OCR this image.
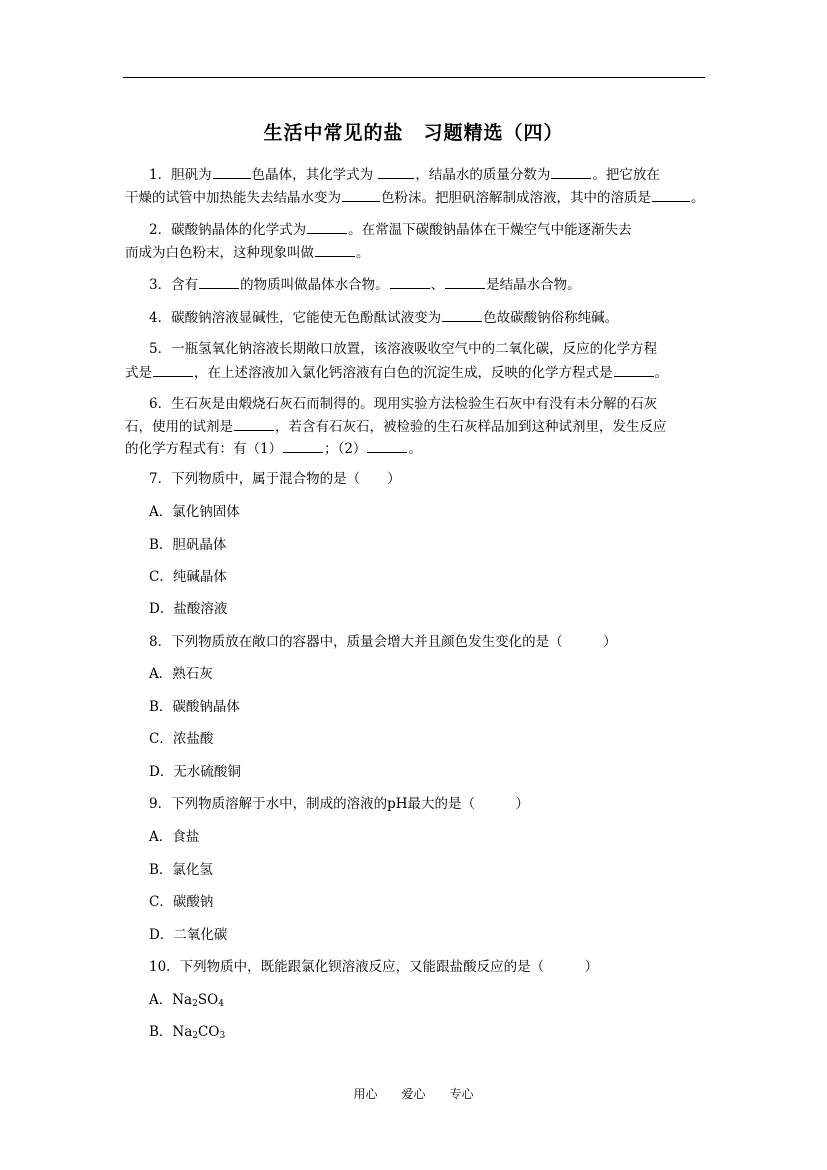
生活中常见的盐　习题精选（四）
1．胆矾为	色晶体，其化学式为	，结晶水的质量分数为	。把它放在
干燥的试管中加热能失去结晶水变为	色粉沫。把胆矾溶解制成溶液，其中的溶质是	。
2．碳酸钠晶体的化学式为	。在常温下碳酸钠晶体在干燥空气中能逐渐失去
而成为白色粉末，这种现象叫做	。
3．含有	的物质叫做晶体水合物。	、	是结晶水合物。
4．碳酸钠溶液显碱性，它能使无色酚酞试液变为	色故碳酸钠俗称纯碱。
5．一瓶氢氧化钠溶液长期敞口放置，该溶液吸收空气中的二氧化碳，反应的化学方程
式是	，在上述溶液加入氯化钙溶液有白色的沉淀生成，反映的化学方程式是	。
6．生石灰是由煅烧石灰石而制得的。现用实验方法检验生石灰中有没有未分解的石灰
石，使用的试剂是	，若含有石灰石，被检验的生石灰样品加到这种试剂里，发生反应
的化学方程式有：有（1）	；（2）	。
7．下列物质中，属于混合物的是（　　）
A．氯化钠固体
B．胆矾晶体
C．纯碱晶体
D．盐酸溶液
8．下列物质放在敞口的容器中，质量会增大并且颜色发生变化的是（　　　）
A．熟石灰
B．碳酸钠晶体
C．浓盐酸
D．无水硫酸铜
9．下列物质溶解于水中，制成的溶液的pH最大的是（　　　）
A．食盐
B．氯化氢
C．碳酸钠
D．二氧化碳
10．下列物质中，既能跟氯化钡溶液反应，又能跟盐酸反应的是（　　　）
A．$Na_2SO_4$
B．$Na_2CO_3$
用心　　爱心　　专心
